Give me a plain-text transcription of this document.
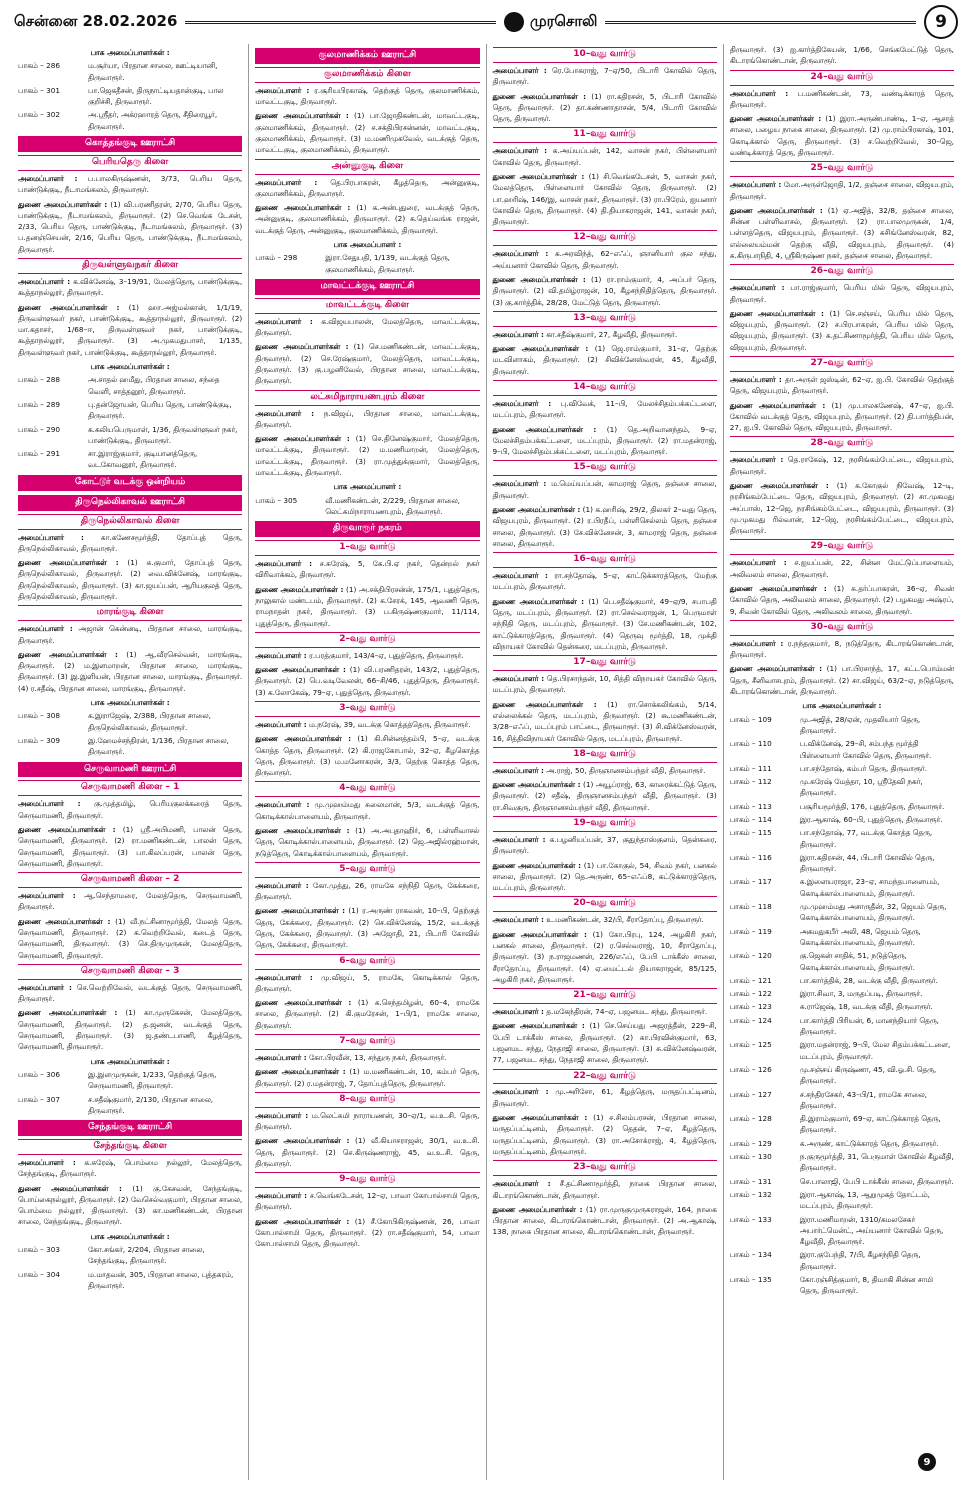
சென்னை 28.02.2026	முரசொலி	9
பாக அமைப்பாளர்கள் :
பாகம் – 286	ம.சூர்யா, பிரதான சாலை, ஊட்டியானி, திருவாரூர்.
பாகம் – 301	பா.ஜெகதீசன், திருநாட்டியதான்குடி, பால குறிச்சி, திருவாரூர்.
பாகம் – 302	அ.ஸ்ரீதர், அக்ரஹாரத் தெரு, சீதிரையூர், திருவாரூர்.
கொத்தங்குடி ஊராட்சி
பெரியதெரு கிளை
அமைப்பாளர் : ப.பாலகிருஷ்ணன், 3/73, பெரிய தெரு, பாண்டுக்குடி, நீடாமங்கலம், திருவாரூர்.
துணை அமைப்பாளர்கள் : (1) வி.பரணிதரன், 2/70, பெரிய தெரு, பாண்டுக்குடி, நீடாமங்கலம், திருவாரூர். (2) செ.வெங்க டேசன், 2/33, பெரிய தெரு, பாண்டுக்குடி, நீடாமங்கலம், திருவாரூர். (3) ப.தனஞ்செயன், 2/16, பெரிய தெரு, பாண்டுக்குடி, நீடாமங்கலம், திருவாரூர்.
திருவள்ளுவநகர் கிளை
அமைப்பாளர் : க.விக்னேஷ், 3–19/91, மேலத்தெரு, பாண்டுக்குடி, கூத்தாநல்லூர், திருவாரூர்.
துணை அமைப்பாளர்கள் : (1) ஹா.அஜ்மல்கான், 1/1/19, திருவள்ளுவர் நகர், பாண்டுக்குடி, கூத்தாநல்லூர், திருவாரூர். (2) மா.கதாசர், 1/68–ஈ, திருவள்ளுவர் நகர், பாண்டுக்குடி, கூத்தாநல்லூர், திருவாரூர். (3) அ.முகமதுபாசர், 1/135, திருவள்ளுவர் நகர், பாண்டுக்குடி, கூத்தாநல்லூர், திருவாரூர்.
பாக அமைப்பாளர்கள் :
பாகம் – 288	அ.சாதல் ஹமீது, பிரதான சாலை, சந்தை வெளி, சாத்தனூர், திருவாரூர்.
பாகம் – 289	பு.தன்ஜோயன், பெரிய தெரு, பாண்டுக்குடி, திருவாரூர்.
பாகம் – 290	க.கலியபெருமாள், 1/36, திருவள்ளுவர் நகர், பாண்டுக்குடி, திருவாரூர்.
பாகம் – 291	சா.இராஜ்குமார், குடியானத்தெரு, வடகோவனூர், திருவாரூர்.
கோட்டூர் வடக்கு ஒன்றியம்
திருநெல்லிகாவல் ஊராட்சி
திருநெல்லிகாவல் கிளை
அமைப்பாளர் : கா.கணேசமூர்த்தி, தோப்புத் தெரு, திருநெல்லிகாவல், திருவாரூர்.
துணை அமைப்பாளர்கள் : (1) சு.குமார், தோப்புத் தெரு, திருநெல்லிகாவல், திருவாரூர். (2) வை.விக்னேஷ், மாரங்குடி, திருநெல்லிகாவல், திருவாரூர். (3) கா.ஜயப்பன், ஆரியகுலத் தெரு, திருநெல்லிகாவல், திருவாரூர்.
மாரங்குடி கிளை
அமைப்பாளர் : அஜான் கென்னடி, பிரதான சாலை, மாரங்குடி, திருவாரூர்.
துணை அமைப்பாளர்கள் : (1) ஆ.வீரசெல்வன், மாரங்குடி, திருவாரூர். (2) ம.இளமாறன், பிரதான சாலை, மாரங்குடி, திருவாரூர். (3) இ.இளியன், பிரதான சாலை, மாரங்குடி, திருவாரூர். (4) ர.சதீஷ், பிரதான சாலை, மாரங்குடி, திருவாரூர்.
பாக அமைப்பாளர்கள் :
பாகம் – 308	க.இராஜேஷ், 2/388, பிரதான சாலை, திருநெல்லிகாவல், திருவாரூர்.
பாகம் – 309	இ.ஹேமச்சந்திரன், 1/136, பிரதான சாலை, திருவாரூர்.
செருவாமணி ஊராட்சி
செருவாமணி கிளை – 1
அமைப்பாளர் : கு.முத்தமிழ், பெரியகுலக்கரைத் தெரு, செருவாமணி, திருவாரூர்.
துணை அமைப்பாளர்கள் : (1) ஸ்ரீ.அபிமணி, பாலன் தெரு, செருவாமணி, திருவாரூர். (2) ரா.மணிகண்டன், பாலன் தெரு, செருவாமணி, திருவாரூர். (3) பா.கிலப்பரன், பாலன் தெரு, செருவாமணி, திருவாரூர்.
செருவாமணி கிளை – 2
அமைப்பாளர் : ஆ.செந்தாமரை, மேலத்தெரு, செருவாமணி, திருவாரூர்.
துணை அமைப்பாளர்கள் : (1) வீ.நட்சினாமூர்த்தி, மேலத் தெரு, செருவாமணி, திருவாரூர். (2) க.வெற்றிவேல், கடைத் தெரு, செருவாமணி, திருவாரூர். (3) செ.திருமுருகன், மேலத்தெரு, செருவாமணி, திருவாரூர்.
செருவாமணி கிளை – 3
அமைப்பாளர் : செ.வெற்றிவேல், வடக்குத் தெரு, செருவாமணி, திருவாரூர்.
துணை அமைப்பாளர்கள் : (1) கா.முருகேசன், மேலத்தெரு, செருவாமணி, திருவாரூர். (2) த.ஜனன், வடக்குத் தெரு, செருவாமணி, திருவாரூர். (3) ஜ.தண்டபாணி, கீழத்தெரு, செருவாமணி, திருவாரூர்.
பாக அமைப்பாளர்கள் :
பாகம் – 306	இ.இளமுருகன், 1/233, தெற்குத் தெரு, செருவாமணி, திருவாரூர்.
பாகம் – 307	ச.சதீஷ்குமார், 2/130, பிரதான சாலை, திருவாரூர்.
சேந்தங்குடி ஊராட்சி
சேந்தங்குடி கிளை
அமைப்பாளர் : க.சுரேஷ், பொம்மை நல்லூர், மேலத்தெரு, சேந்தங்குடி, திருவாரூர்.
துணை அமைப்பாளர்கள் : (1) கு.கேசவன், சேந்தங்குடி, பொய்கைநல்லூர், திருவாரூர். (2) வேசெல்வகுமார், பிரதான சாலை, பொம்மை நல்லூர், திருவாரூர். (3) கா.மணிகண்டன், பிரதான சாலை, சேந்தங்குடி, திருவாரூர்.
பாக அமைப்பாளர்கள் :
பாகம் – 303	கோ.சங்கர், 2/204, பிரதான சாலை, சேந்தங்குடி, திருவாரூர்.
பாகம் – 304	ம.மாதவன், 305, பிரதான சாலை, புத்தகரம், திருவாரூர்.
குலமாணிக்கம் ஊராட்சி
குலமாணிக்கம் கிளை
அமைப்பாளர் : ர.சூரியபிரகாஷ், தெற்குத் தெரு, குலமாணிக்கம், மாவட்டகுடி, திருவாரூர்.
துணை அமைப்பாளர்கள் : (1) பா.ஜோதிகண்டன், மாவட்டகுடி, குலமாணிக்கம், திருவாரூர். (2) ச.சக்திபிரசன்னன், மாவட்டகுடி, குலமாணிக்கம், திருவாரூர். (3) ம.மணிமுகவேல், வடக்குத் தெரு, மாவட்டகுடி, குலமாணிக்கம், திருவாரூர்.
அன்னுகுடி கிளை
அமைப்பாளர் : தெ.பிரபாகரன், கீழத்தெரு, அன்னுகுடி, குலமாணிக்கம், திருவாரூர்.
துணை அமைப்பாளர்கள் : (1) க.அன்புதுரை, வடக்குத் தெரு, அன்னுகுடி, குலமாணிக்கம், திருவாரூர். (2) க.தெய்வங்க ராஜன், வடக்குத் தெரு, அன்னுகுடி, குலமாணிக்கம், திருவாரூர்.
பாக அமைப்பாளர் :
பாகம் – 298	இரா.சேதுபதி, 1/139, வடக்குத் தெரு, குலமாணிக்கம், திருவாரூர்.
மாவட்டக்குடி ஊராட்சி
மாவட்டக்குடி கிளை
அமைப்பாளர் : க.விஜயபாலன், மேலத்தெரு, மாவட்டக்குடி, திருவாரூர்.
துணை அமைப்பாளர்கள் : (1) செ.மணிகண்டன், மாவட்டக்குடி, திருவாரூர். (2) செ.ரேஷ்குமார், மேலத்தெரு, மாவட்டக்குடி, திருவாரூர். (3) கு.பழனிவேல், பிரதான சாலை, மாவட்டக்குடி, திருவாரூர்.
லட்சுமிநாராயணபுரம் கிளை
அமைப்பாளர் : ந.விஜய், பிரதான சாலை, மாவட்டக்குடி, திருவாரூர்.
துணை அமைப்பாளர்கள் : (1) செ.தினேஷ்குமார், மேலத்தெரு, மாவட்டக்குடி, திருவாரூர். (2) ம.மணிமாறன், மேலத்தெரு, மாவட்டக்குடி, திருவாரூர். (3) ரா.முத்துக்குமார், மேலத்தெரு, மாவட்டக்குடி, திருவாரூர்.
பாக அமைப்பாளர் :
பாகம் – 305	வீ.மணிகண்டன், 2/229, பிரதான சாலை, லெட்சுமிநாராயணபுரம், திருவாரூர்.
திருவாரூர் நகரம்
1–வது வார்டு
அமைப்பாளர் : ச.சுரேஷ், 5, கே.பி.ஏ நகர், தென்றல் நகர் விரிவாக்கம், திருவாரூர்.
துணை அமைப்பாளர்கள் : (1) அ.சக்திபிரசன்ன், 175/1, புதுத்தெரு, நாலுகால் மண்டபம், திருவாரூர். (2) க.சேரக், 145, ஆவணி தெரு, ராமநாதன் நகர், திருவாரூர். (3) ப.கிருஷ்ணகுமார், 11/114, புதுத்தெரு, திருவாரூர்.
2–வது வார்டு
அமைப்பாளர் : ர.பரத்குமார், 143/4–ஏ, புதுத்தெரு, திருவாரூர்.
துணை அமைப்பாளர்கள் : (1) வி.பரணிதரன், 143/2, புதுத்தெரு, திருவாரூர். (2) பெ.வடிவேலன், 66–சி/46, புதுத்தெரு, திருவாரூர். (3) க.லோகேஷ், 79–ஏ, புதுத்தெரு, திருவாரூர்.
3–வது வார்டு
அமைப்பாளர் : ம.நரேஷ், 39, வடக்கு கொத்தத்தெரு, திருவாரூர்.
துணை அமைப்பாளர்கள் : (1) கி.சின்னத்தம்பி, 5–ஏ, வடக்கு கொத்த தெரு, திருவாரூர். (2) கி.ராஜகோபால், 32–ஏ, கீழகொத்த தெரு, திருவாரூர். (3) ம.மனோகரன், 3/3, தெற்கு கொத்த தெரு, திருவாரூர்.
4–வது வார்டு
அமைப்பாளர் : மு.முஹம்மது சுலைமான், 5/3, வடக்குத் தெரு, கொடிக்கால்பாளையம், திருவாரூர்.
துணை அமைப்பாளர்கள் : (1) அ.அபுதாஹிர், 6, பள்ளிவாசல் தெரு, கொடிக்கால்பாளையம், திருவாரூர். (2) ஜெ.அஜில்ரஹ்மான், நடுத்தெரு, கொடிக்கால்பாளையம், திருவாரூர்.
5–வது வார்டு
அமைப்பாளர் : கோ.முத்து, 26, ராமகே சந்நிதி தெரு, கேக்கரை, திருவாரூர்.
துணை அமைப்பாளர்கள் : (1) ர.அருண் ராகவன், 10–பி, தெற்குத் தெரு, கேக்கரை, திருவாரூர். (2) செ.விக்னேஷ், 15/2, வடக்குத் தெரு, கேக்கரை, திருவாரூர். (3) அஜோதி, 21, பிடாரி கோவில் தெரு, கேக்கரை, திருவாரூர்.
6–வது வார்டு
அமைப்பாளர் : மு.விஜய், 5, ராமகே, கொடிக்கால் தெரு, திருவாரூர்.
துணை அமைப்பாளர்கள் : (1) க.செந்தமிழன், 60–4, ராமகே சாலை, திருவாரூர். (2) கி.குமரேசன், 1–பி/1, ராமகே சாலை, திருவாரூர்.
7–வது வார்டு
அமைப்பாளர் : கோ.பிரவீன், 13, சந்துரு நகர், திருவாரூர்.
துணை அமைப்பாளர்கள் : (1) ம.மணிகண்டன், 10, கம்பர் தெரு, திருவாரூர். (2) ர.மதன்ராஜ், 7, தோப்புத்தெரு, திருவாரூர்.
8–வது வார்டு
அமைப்பாளர் : ம.லெட்சுமி நாராயணன், 30–ஏ/1, வ.உ.சி. தெரு, திருவாரூர்.
துணை அமைப்பாளர்கள் : (1) வீ.கியாசராஜன், 30/1, வ.உ.சி. தெரு, திருவாரூர். (2) செ.கிருஷ்ணராஜ், 45, வ.உ.சி. தெரு, திருவாரூர்.
9–வது வார்டு
அமைப்பாளர் : ச.வெங்கடேசன், 12–ஏ, பாவா கோபால்சாமி தெரு, திருவாரூர்.
துணை அமைப்பாளர்கள் : (1) சீ.கோபிகிருஷ்ணன், 26, பாவா கோபால்சாமி தெரு, திருவாரூர். (2) ரா.சதீஷ்குமார், 54, பாவா கோபால்சாமி தெரு, திருவாரூர்.
10–வது வார்டு
அமைப்பாளர் : ரெ.போகராஜ், 7–ஏ/50, பிடாரி கோவில் தெரு, திருவாரூர்.
துணை அமைப்பாளர்கள் : (1) ரா.கதிரசன், 5, பிடாரி கோவில் தெரு, திருவாரூர். (2) தா.கண்ணாதாசன், 5/4, பிடாரி கோவில் தெரு, திருவாரூர்.
11–வது வார்டு
அமைப்பாளர் : க.அய்யப்பன், 142, வாசன் நகர், பிள்ளையார் கோவில் தெரு, திருவாரூர்.
துணை அமைப்பாளர்கள் : (1) சி.வெங்கடேசன், 5, வாசன் நகர், மேலத்தெரு, பிள்ளையார் கோவில் தெரு, திருவாரூர். (2) பா.ஹரிஷ், 146/இ, வாசன் நகர், திருவாரூர். (3) ரா.பிரேம், ஐயனார் கோவில் தெரு, திருவாரூர். (4) தி.தியாகராஜன், 141, வாசன் நகர், திருவாரூர்.
12–வது வார்டு
அமைப்பாளர் : க.அரவிந்த், 62–எஃப், ஞானியார் குல சந்து, அய்யனார் கோவில் தெரு, திருவாரூர்.
துணை அமைப்பாளர்கள் : (1) ரா.ராம்குமார், 4, அப்பர் தெரு, திருவாரூர். (2) வி.தமிழ்ராஜன், 10, கீழசந்நிதித்தெரு, திருவாரூர். (3) கு.கார்த்திக், 28/28, மேட்டுத் தெரு, திருவாரூர்.
13–வது வார்டு
அமைப்பாளர் : கா.சதீஷ்குமார், 27, கீழவீதி, திருவாரூர்.
துணை அமைப்பாளர்கள் : (1) ஜெ.ராம்குமார், 31–ஏ, தெற்கு மடவிளாகம், திருவாரூர். (2) சிவிக்னேஸ்வரன், 45, கீழவீதி, திருவாரூர்.
14–வது வார்டு
அமைப்பாளர் : பு.விவேக், 11–பி, மேலச்சிதம்பக்கட்டளை, மடப்புரம், திருவாரூர்.
துணை அமைப்பாளர்கள் : (1) தெ.அறிவானந்தம், 9–ஏ, மேலச்சிதம்பக்கட்டளை, மடப்புரம், திருவாரூர். (2) ரா.மதன்ராஜ், 9–பி, மேலச்சிதம்பக்கட்டளை, மடப்புரம், திருவாரூர்.
15–வது வார்டு
அமைப்பாளர் : ம.மெய்யப்பன், காமராஜ் தெரு, தஞ்சை சாலை, திருவாரூர்.
துணை அமைப்பாளர்கள் : (1) க.ஹரிஷ், 29/2, திலகர் 2–வது தெரு, விஜயபுரம், திருவாரூர். (2) ர.பிரதீப், பள்ளிசெல்லம் தெரு, தஞ்சை சாலை, திருவாரூர். (3) சே.விக்னேசன், 3, காமராஜ் தெரு, தஞ்சை சாலை, திருவாரூர்.
16–வது வார்டு
அமைப்பாளர் : ரா.சந்தோஷ், 5–ஏ, காட்டுக்காரத்தெரு, மேற்கு மடப்புரம், திருவாரூர்.
துணை அமைப்பாளர்கள் : (1) பெ.சதீஷ்குமார், 49–ஏ/9, சபாபதி தெரு, மடப்புரம், திருவாரூர். (2) ரா.செல்வராஜன், 1, பெருமாள் சந்நிதி தெரு, மடப்புரம், திருவாரூர். (3) சே.மணிகண்டன், 102, காட்டுக்காரத்தெரு, திருவாரூர். (4) தெருவு மூர்த்தி, 18, முக்தி விநாயகர் கோவில் தென்கரை, மடப்புரம், திருவாரூர்.
17–வது வார்டு
அமைப்பாளர் : தெ.பிரசாந்தன், 10, சித்தி விநாயகர் கோவில் தெரு, மடப்புரம், திருவாரூர்.
துணை அமைப்பாளர்கள் : (1) ரா.சொக்கலிங்கம், 5/14, எல்லைக்கல் தெரு, மடப்புரம், திருவாரூர். (2) கூ.மணிகண்டன், 3/28–எஃப், மடப்புரம் பாட்டை, திருவாரூர். (3) சி.விக்னேஸ்வரன், 16, சித்திவிநாயகர் கோவில் தெரு, மடப்புரம், திருவாரூர்.
18–வது வார்டு
அமைப்பாளர் : அ.ராஜ், 50, திருஞானசம்பந்தர் வீதி, திருவாரூர்.
துணை அமைப்பாளர்கள் : (1) அயூப்ராஜ், 63, காரைக்கட்டுத் தெரு, திருவாரூர். (2) சதீஷ், திருஞானசம்பந்தர் வீதி, திருவாரூர். (3) ரா.சிவகுரு, திருஞானசம்பந்தர் வீதி, திருவாரூர்.
19–வது வார்டு
அமைப்பாளர் : க.பழனியப்பன், 37, குதுந்தாஸ்குளம், தென்கரை, திருவாரூர்.
துணை அமைப்பாளர்கள் : (1) பா.கோகுல், 54, சிவம் நகர், பனகல் சாலை, திருவாரூர். (2) தெ.அருண், 65–எஃப்8, கட்டுக்காரத்தெரு, மடப்புரம், திருவாரூர்.
20–வது வார்டு
அமைப்பாளர் : உ.மணிகண்டன், 32/பி, சீராதோப்பு, திருவாரூர்.
துணை அமைப்பாளர்கள் : (1) கோ.பிரபு, 124, அழகிரி நகர், பனகல் சாலை, திருவாரூர். (2) ர.செல்வராஜ், 10, சீராதோப்பு, திருவாரூர். (3) ந.ராஜமணன், 226/எஃப், பேபி டாக்கீஸ் சாலை, சீராதோப்பு, திருவாரூர். (4) ஏ.மைட்டல் தியாகராஜன், 85/125, அழகிரி நகர், திருவாரூர்.
21–வது வார்டு
அமைப்பாளர் : த.மகேந்திரன், 74–ஏ, பஜனமட சந்து, திருவாரூர்.
துணை அமைப்பாளர்கள் : (1) செ.செய்யது அஜரத்தீன், 229–சி, பேபி டாக்கீஸ் சாலை, திருவாரூர். (2) கா.பிரவின்குமார், 63, பஜனமட சந்து, நேதாஜி சாலை, திருவாரூர். (3) சு.விக்னேஷ்வரன், 77, பஜனமட சந்து, நேதாஜி சாலை, திருவாரூர்.
22–வது வார்டு
அமைப்பாளர் : மு.அரிசோ, 61, கீழத்தெரு, மருதப்பட்டினம், திருவாரூர்.
துணை அமைப்பாளர்கள் : (1) ச.சிலம்பரசன், பிரதான சாலை, மருதப்பட்டினம், திருவாரூர். (2) தெதன், 7–ஏ, கீழத்தெரு, மருதப்பட்டினம், திருவாரூர். (3) ரா.அசோக்ராஜ், 4, கீழத்தெரு, மருதப்பட்டினம், திருவாரூர்.
23–வது வார்டு
அமைப்பாளர் : சீ.தட்சிணாமூர்த்தி, நாகை பிரதான சாலை, கிடாரங்கொண்டான், திருவாரூர்.
துணை அமைப்பாளர்கள் : (1) ரா.முருகுமுருகராஜன், 164, நாகை பிரதான சாலை, கிடாரங்கொண்டான், திருவாரூர். (2) அ.ஆகாஷ், 138, நாகை பிரதான சாலை, கிடாரங்கொண்டான், திருவாரூர்.
திருவாரூர். (3) ஐ.கார்த்திகேயன், 1/66, செங்கமேட்டுத் தெரு, கிடாரங்கொண்டான், திருவாரூர்.
24–வது வார்டு
அமைப்பாளர் : ப.மணிகண்டன், 73, வண்டிக்காரத் தெரு, திருவாரூர்.
துணை அமைப்பாளர்கள் : (1) இரா.அருண்பாண்டி, 1–ஏ, ஆசாத் சாலை, பழைய நாகை சாலை, திருவாரூர். (2) மு.ராம்பிரகாஷ், 101, கொடிக்கால் தெரு, திருவாரூர். (3) ச.வெற்றிவேல், 30–ஜெ, வண்டிக்காரத் தெரு, திருவாரூர்.
25–வது வார்டு
அமைப்பாளர் : மோ.அருள்ஜோதி, 1/2, தஞ்சை சாலை, விஜயபுரம், திருவாரூர்.
துணை அமைப்பாளர்கள் : (1) ஏ.அஜித், 32/8, தஞ்சை சாலை, சின்ன பள்ளிவாசல், திருவாரூர். (2) ரா.பாலமுருகன், 1/4, பள்ளத்தெரு, விஜயபுரம், திருவாரூர். (3) சுசிங்னேஸ்வரன், 82, எல்லையம்மன் தெற்கு வீதி, விஜயபுரம், திருவாரூர். (4) சு.கிருபாநிதி, 4, ஸ்ரீகிருஷ்ண நகர், தஞ்சை சாலை, திருவாரூர்.
26–வது வார்டு
அமைப்பாளர் : பா.ராஜ்குமார், பெரிய மில் தெரு, விஜயபுரம், திருவாரூர்.
துணை அமைப்பாளர்கள் : (1) செ.சஞ்சய், பெரிய மில் தெரு, விஜயபுரம், திருவாரூர். (2) ச.பிரபாகரன், பெரிய மில் தெரு, விஜயபுரம், திருவாரூர். (3) சு.தட்சிணாமூர்த்தி, பெரிய மில் தெரு, விஜயபுரம், திருவாரூர்.
27–வது வார்டு
அமைப்பாளர் : தா.அருள் ஜஸ்டின், 62–ஏ, ஐ.பி. கோவில் தெற்குத் தெரு, விஜயபுரம், திருவாரூர்.
துணை அமைப்பாளர்கள் : (1) மு.பாலகணேஷ், 47–ஏ, ஐ.பி. கோவில் வடக்குத் தெரு, விஜயபுரம், திருவாரூர். (2) தி.பார்த்திபன், 27, ஐ.பி. கோவில் தெரு, விஜயபுரம், திருவாரூர்.
28–வது வார்டு
அமைப்பாளர் : தெ.ராகேஷ், 12, நரசிங்கம்பேட்டை, விஜயபுரம், திருவாரூர்.
துணை அமைப்பாளர்கள் : (1) க.கோகுல் நிவேஷ், 12–டி, நரசிங்கம்பேட்டை தெரு, விஜயபுரம், திருவாரூர். (2) சா.முகமது அப்பாஸ், 12–ஜெ, நரசிங்கம்பேட்டை, விஜயபுரம், திருவாரூர். (3) மு.முகமது ரில்வான், 12–ஜெ, நரசிங்கம்பேட்டை, விஜயபுரம், திருவாரூர்.
29–வது வார்டு
அமைப்பாளர் : ச.ஐயப்பன், 22, சின்ன மேட்டுப்பாளையம், அலிவலம் சாலை, திருவாரூர்.
துணை அமைப்பாளர்கள் : (1) சு.தர்ப்பாகரன், 36–ஏ, சிவன் கோவில் தெரு, அலிவலம் சாலை, திருவாரூர். (2) பழகமது அஷ்ரப், 9, சிவன் கோவில் தெரு, அலிவலம் சாலை, திருவாரூர்.
30–வது வார்டு
அமைப்பாளர் : ர.நந்தகுமார், 8, நடுத்தெரு, கிடாரங்கொண்டான், திருவாரூர்.
துணை அமைப்பாளர்கள் : (1) பா.பிரசாந்த், 17, கட்டபொம்மன் தெரு, சீனிவாசபுரம், திருவாரூர். (2) சா.விஜய், 63/2–ஏ, நடுத்தெரு, கிடாரங்கொண்டான், திருவாரூர்.
பாக அமைப்பாளர்கள் :
பாகம் – 109	மு.அஜித், 28/ஏன், முதலியார் தெரு, திருவாரூர்.
பாகம் – 110	ப.விக்னேஷ், 29–சி, சம்பந்த மூர்த்தி பிள்ளையார் கோவில் தெரு, திருவாரூர்.
பாகம் – 111	பா.சந்தோஷ், கம்பர் தெரு, திருவாரூர்.
பாகம் – 112	மு.கரேஷ் மேத்தா, 10, ஸ்ரீதேவி நகர், திருவாரூர்.
பாகம் – 113	பசூரியமூர்த்தி, 176, புதுத்தெரு, திருவாரூர்.
பாகம் – 114	இர.ஆகாஷ், 60–பி, புதுத்தெரு, திருவாரூர்.
பாகம் – 115	பா.சந்தோஷ், 77, வடக்கு கொத்த தெரு, திருவாரூர்.
பாகம் – 116	இரா.கதிரசன், 44, பிடாரி கோவில் தெரு, திருவாரூர்.
பாகம் – 117	க.இளையராஜா, 23–ஏ, சாமந்தபாளையம், கொடிக்கால்பாளையம், திருவாரூர்.
பாகம் – 118	மு.முஹம்மது அசாருதீன், 32, ஜெயம் தெரு, கொடிக்கால்பாளையம், திருவாரூர்.
பாகம் – 119	அகமதுகபீர் அலி, 48, ஜெயம் தெரு, கொடிக்கால்பாளையம், திருவாரூர்.
பாகம் – 120	கு.ஜெகன் சாதிக், 51, நடுத்தெரு, கொடிக்கால்பாளையம், திருவாரூர்.
பாகம் – 121	பா.கார்த்திக், 28, வடக்கு வீதி, திருவாரூர்.
பாகம் – 122	இரா.சிவா, 3, மருதப்படி, திருவாரூர்.
பாகம் – 123	சு.ராஜேஷ், 18, வடக்கு வீதி, திருவாரூர்.
பாகம் – 124	பா.கார்த்தி பிரியன், 6, மானந்தியார் தெரு, திருவாரூர்.
பாகம் – 125	இரா.மதன்ராஜ், 9–பி, மேல சிதம்பக்கட்டளை, மடப்புரம், திருவாரூர்.
பாகம் – 126	மு.சஞ்சய் கிருஷ்ணா, 45, வி.ஓ.சி. தெரு, திருவாரூர்.
பாகம் – 127	ச.சந்திரசேகர், 43–பி/1, ராமகே சாலை, திருவாரூர்.
பாகம் – 128	தி.இராம்குமார், 69–ஏ, காட்டுக்காரத் தெரு, திருவாரூர்.
பாகம் – 129	க.அருண், காட்டுக்காரத் தெரு, திருவாரூர்.
பாகம் – 130	ந.குருமூர்த்தி, 31, பெருமாள் கோவில் கீழவீதி, திருவாரூர்.
பாகம் – 131	செ.பாலாஜி, பேபி டாக்கீஸ் சாலை, திருவாரூர்.
பாகம் – 132	இரா.ஆகாஷ், 13, ஆறுமுகத் தோட்டம், மடப்புரம், திருவாரூர்.
பாகம் – 133	இரா.மணிமாறன், 1310/கமலசேகர் அபார்ட்மென்ட், அய்யனார் கோவில் தெரு, கீழவீதி, திருவாரூர்.
பாகம் – 134	இரா.குபேந்தி, 7/பி, கீழசந்நிதி தெரு, திருவாரூர்.
பாகம் – 135	கோ.ரஞ்சித்குமார், 8, திமாகி சின்ன சாமி தெரு, திருவாரூர்.
9
